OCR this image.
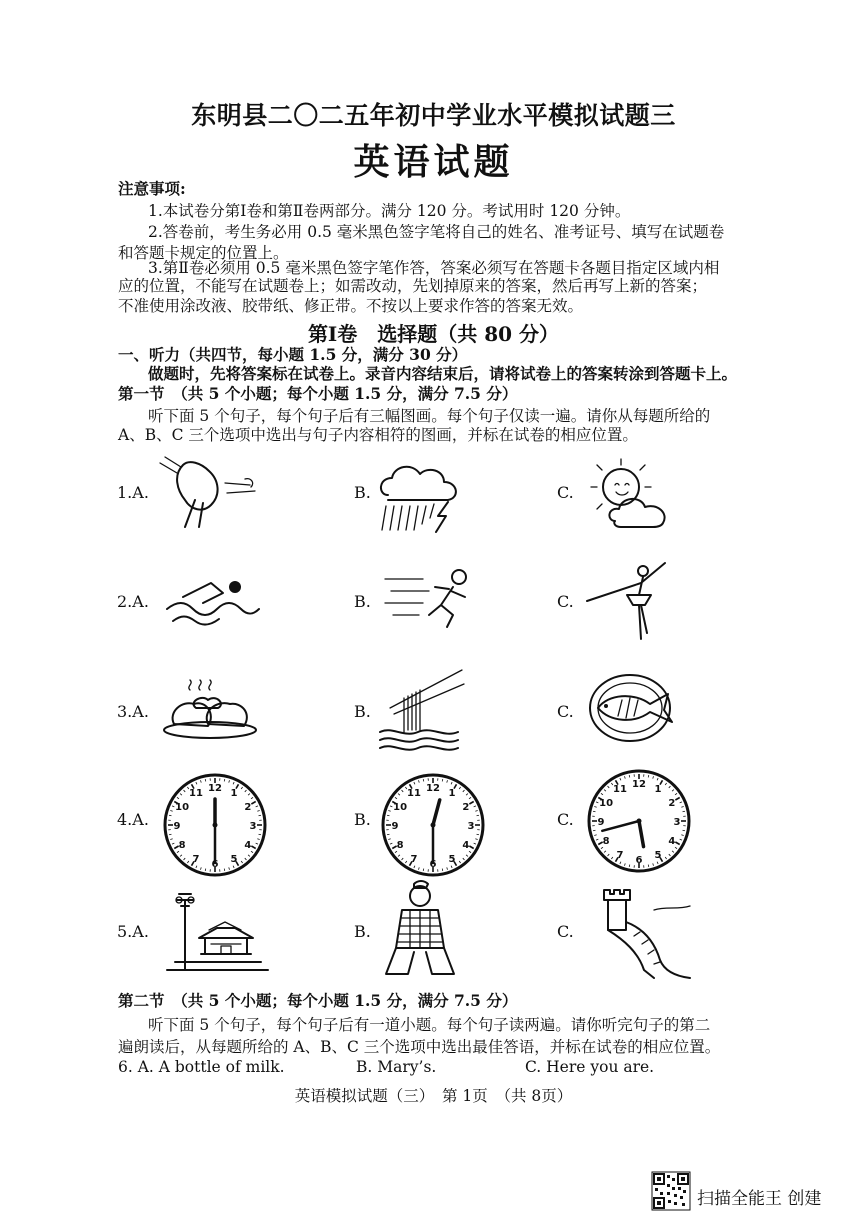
东明县二〇二五年初中学业水平模拟试题三
英语试题
注意事项:
1.本试卷分第Ⅰ卷和第Ⅱ卷两部分。满分 120 分。考试用时 120 分钟。
2.答卷前，考生务必用 0.5 毫米黑色签字笔将自己的姓名、准考证号、填写在试题卷
和答题卡规定的位置上。
3.第Ⅱ卷必须用 0.5 毫米黑色签字笔作答，答案必须写在答题卡各题目指定区域内相
应的位置，不能写在试题卷上；如需改动，先划掉原来的答案，然后再写上新的答案；
不准使用涂改液、胶带纸、修正带。不按以上要求作答的答案无效。
第Ⅰ卷　选择题（共 80 分）
一、听力（共四节，每小题 1.5 分，满分 30 分）
做题时，先将答案标在试卷上。录音内容结束后，请将试卷上的答案转涂到答题卡上。
第一节　（共 5 个小题；每个小题 1.5 分，满分 7.5 分）
听下面 5 个句子，每个句子后有三幅图画。每个句子仅读一遍。请你从每题所给的
A、B、C 三个选项中选出与句子内容相符的图画，并标在试卷的相应位置。
1.A.	B.	C.
2.A.	B.	C.
3.A.	B.	C.
4.A.	B.	C.
12 1
2
3
4
5
6
7
8
9
10
11	12 1
2
3
4
5
6
7
8
9
10
11
12 1
2
3
4
5
6
7
8
9
10
11
5.A.	B.	C.
第二节　（共 5 个小题；每个小题 1.5 分，满分 7.5 分）
听下面 5 个句子，每个句子后有一道小题。每个句子读两遍。请你听完句子的第二
遍朗读后，从每题所给的 A、B、C 三个选项中选出最佳答语，并标在试卷的相应位置。
6. A. A bottle of milk.	B. Mary’s.	C. Here you are.
英语模拟试题（三）　第 1页　（共 8页）
扫描全能王 创建
